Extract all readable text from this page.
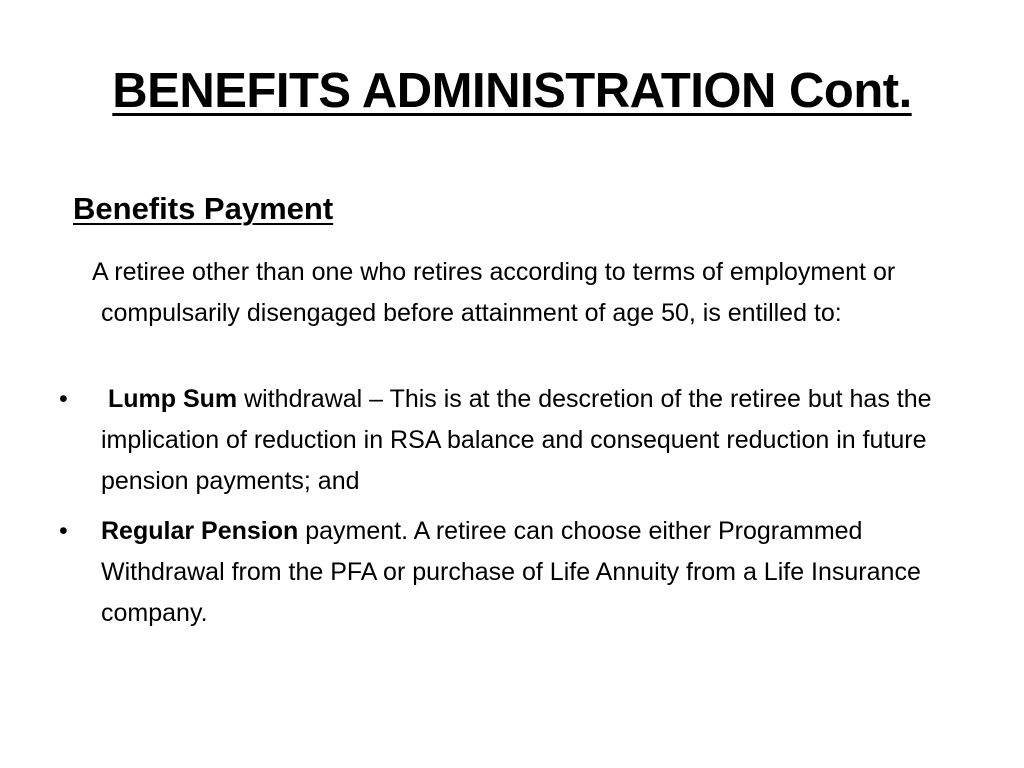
BENEFITS ADMINISTRATION Cont.
Benefits Payment
A retiree other than one who retires according to terms of employment or compulsarily disengaged before attainment of age 50, is entilled to:
• Lump Sum withdrawal – This is at the descretion of the retiree but has the implication of reduction in RSA balance and consequent reduction in future pension payments; and
• Regular Pension payment. A retiree can choose either Programmed Withdrawal from the PFA or purchase of Life Annuity from a Life Insurance company.
